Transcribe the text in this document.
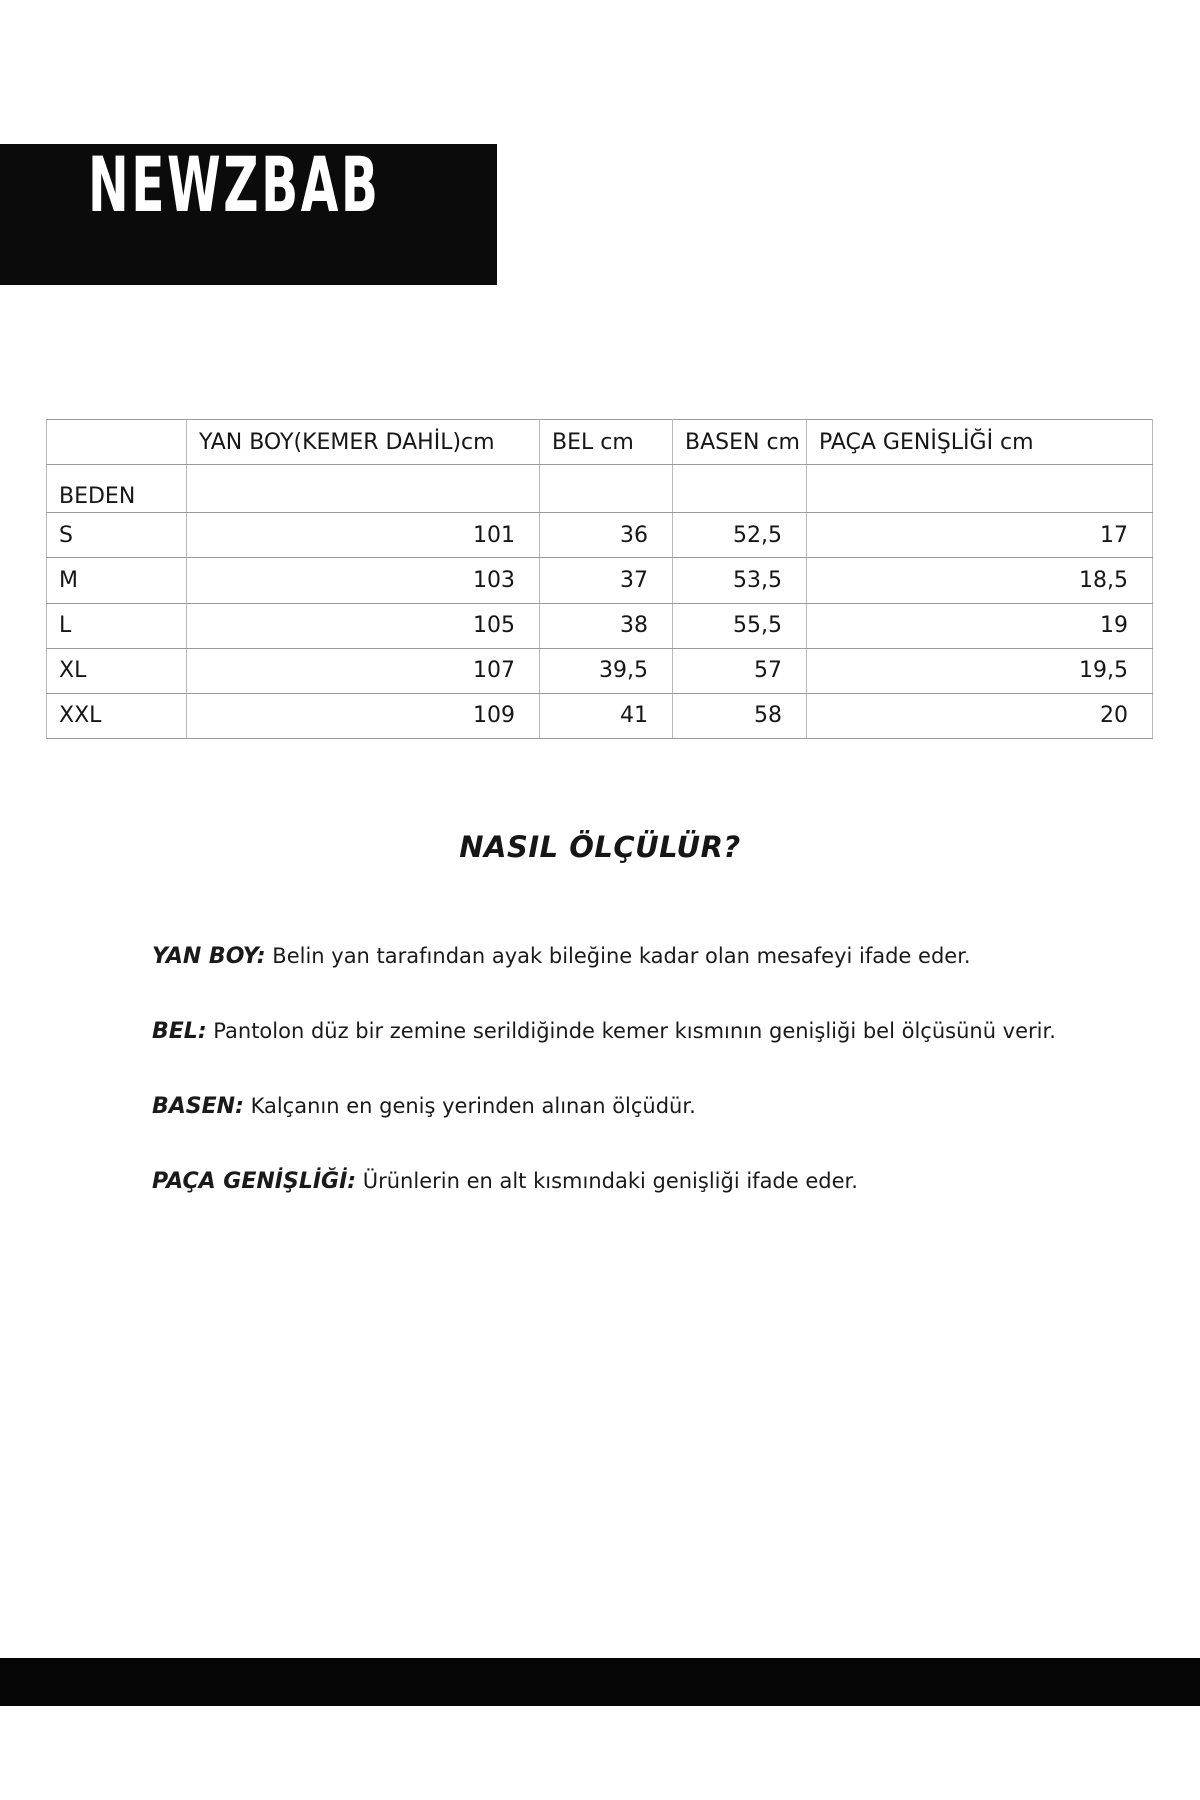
NEWZBAB
	YAN BOY(KEMER DAHİL)cm	BEL cm	BASEN cm	PAÇA GENİŞLİĞİ cm
BEDEN				
S	101	36	52,5	17
M	103	37	53,5	18,5
L	105	38	55,5	19
XL	107	39,5	57	19,5
XXL	109	41	58	20
NASIL ÖLÇÜLÜR?
YAN BOY: Belin yan tarafından ayak bileğine kadar olan mesafeyi ifade eder.
BEL: Pantolon düz bir zemine serildiğinde kemer kısmının genişliği bel ölçüsünü verir.
BASEN: Kalçanın en geniş yerinden alınan ölçüdür.
PAÇA GENİŞLİĞİ: Ürünlerin en alt kısmındaki genişliği ifade eder.
